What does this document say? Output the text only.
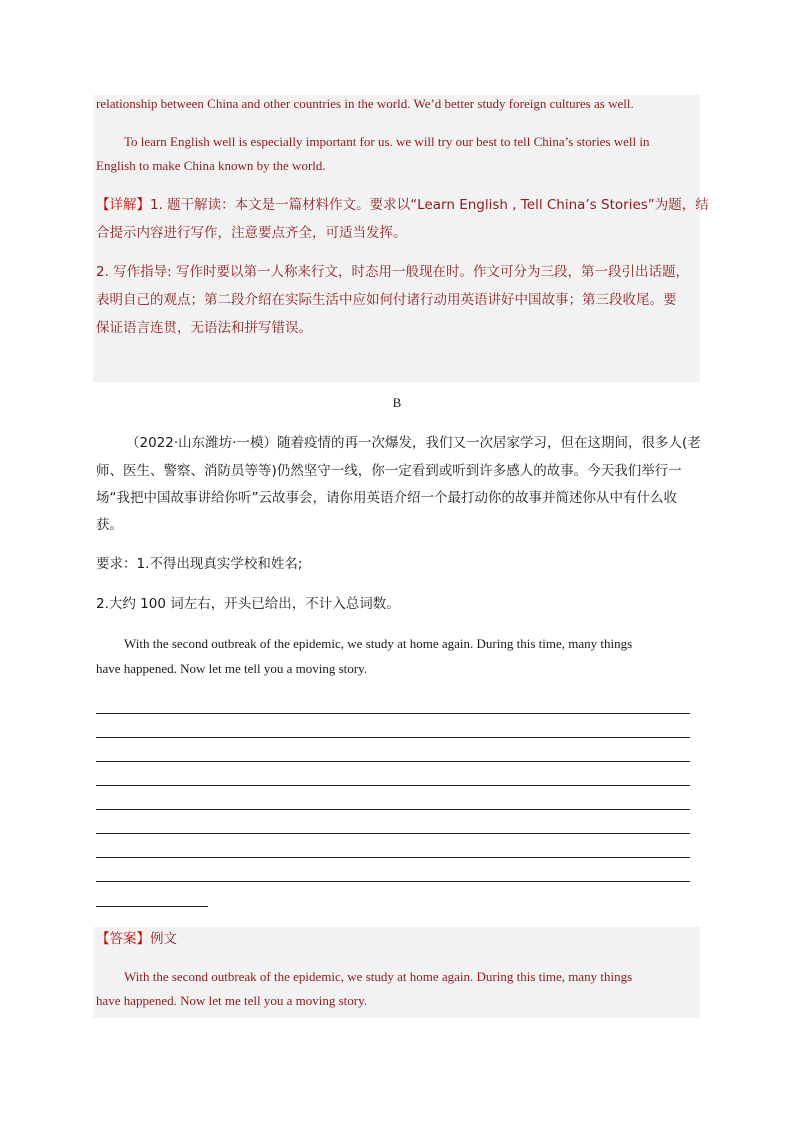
relationship between China and other countries in the world. We’d better study foreign cultures as well.
To learn English well is especially important for us. we will try our best to tell China’s stories well in
English to make China known by the world.
【详解】1. 题干解读：本文是一篇材料作文。要求以“Learn English , Tell China’s Stories”为题，结
合提示内容进行写作，注意要点齐全，可适当发挥。
2. 写作指导: 写作时要以第一人称来行文，时态用一般现在时。作文可分为三段，第一段引出话题，
表明自己的观点；第二段介绍在实际生活中应如何付诸行动用英语讲好中国故事；第三段收尾。要
保证语言连贯，无语法和拼写错误。
B
（2022·山东潍坊·一模）随着疫情的再一次爆发，我们又一次居家学习，但在这期间，很多人(老
师、医生、警察、消防员等等)仍然坚守一线，你一定看到或听到许多感人的故事。今天我们举行一
场“我把中国故事讲给你听”云故事会，请你用英语介绍一个最打动你的故事并简述你从中有什么收
获。
要求：1.不得出现真实学校和姓名;
2.大约 100 词左右，开头已给出，不计入总词数。
With the second outbreak of the epidemic, we study at home again. During this time, many things
have happened. Now let me tell you a moving story.
【答案】例文
With the second outbreak of the epidemic, we study at home again. During this time, many things
have happened. Now let me tell you a moving story.
